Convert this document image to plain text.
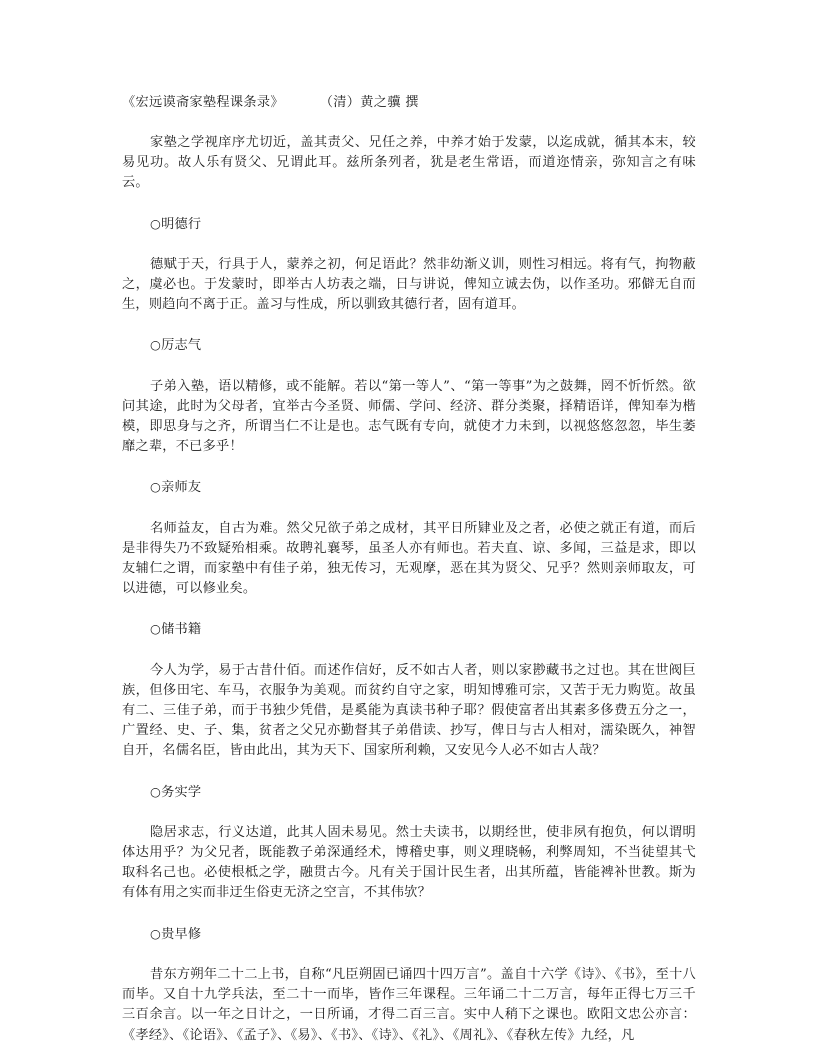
《宏远谟斋家塾程课条录》	（清）黄之骥 撰

家塾之学视庠序尤切近，盖其责父、兄任之养，中养才始于发蒙，以迄成就，循其本末，较易见功。故人乐有贤父、兄谓此耳。兹所条列者，犹是老生常语，而道迩情亲，弥知言之有味云。

○明德行

德赋于天，行具于人，蒙养之初，何足语此？然非幼渐义训，则性习相远。将有气，拘物蔽之，虞必也。于发蒙时，即举古人坊表之端，日与讲说，俾知立诚去伪，以作圣功。邪僻无自而生，则趋向不离于正。盖习与性成，所以驯致其德行者，固有道耳。

○厉志气

子弟入塾，语以精修，或不能解。若以“第一等人”、“第一等事”为之鼓舞，罔不忻忻然。欲问其途，此时为父母者，宜举古今圣贤、师儒、学问、经济、群分类聚，择精语详，俾知奉为楷模，即思身与之齐，所谓当仁不让是也。志气既有专向，就使才力未到，以视悠悠忽忽，毕生萎靡之辈，不已多乎！

○亲师友

名师益友，自古为难。然父兄欲子弟之成材，其平日所肄业及之者，必使之就正有道，而后是非得失乃不致疑殆相乘。故聘礼襄琴，虽圣人亦有师也。若夫直、谅、多闻，三益是求，即以友辅仁之谓，而家塾中有佳子弟，独无传习，无观摩，恶在其为贤父、兄乎？然则亲师取友，可以进德，可以修业矣。

○储书籍

今人为学，易于古昔什佰。而述作信好，反不如古人者，则以家尠藏书之过也。其在世阀巨族，但侈田宅、车马，衣服争为美观。而贫约自守之家，明知博雅可宗，又苦于无力购览。故虽有二、三佳子弟，而于书独少凭借，是奚能为真读书种子耶？假使富者出其素多侈费五分之一，广置经、史、子、集，贫者之父兄亦勤督其子弟借读、抄写，俾日与古人相对，濡染既久，神智自开，名儒名臣，皆由此出，其为天下、国家所利赖，又安见今人必不如古人哉？

○务实学

隐居求志，行义达道，此其人固未易见。然士夫读书，以期经世，使非夙有抱负，何以谓明体达用乎？为父兄者，既能教子弟深通经术，博稽史事，则义理晓畅，利弊周知，不当徒望其弋取科名己也。必使根柢之学，融贯古今。凡有关于国计民生者，出其所蕴，皆能裨补世教。斯为有体有用之实而非迂生俗吏无济之空言，不其伟欤？

○贵早修

昔东方朔年二十二上书，自称“凡臣朔固已诵四十四万言”。盖自十六学《诗》、《书》，至十八而毕。又自十九学兵法，至二十一而毕，皆作三年课程。三年诵二十二万言，每年正得七万三千三百余言。以一年之日计之，一日所诵，才得二百三言。实中人稍下之课也。欧阳文忠公亦言：《孝经》、《论语》、《孟子》、《易》、《书》、《诗》、《礼》、《周礼》、《春秋左传》九经，凡
